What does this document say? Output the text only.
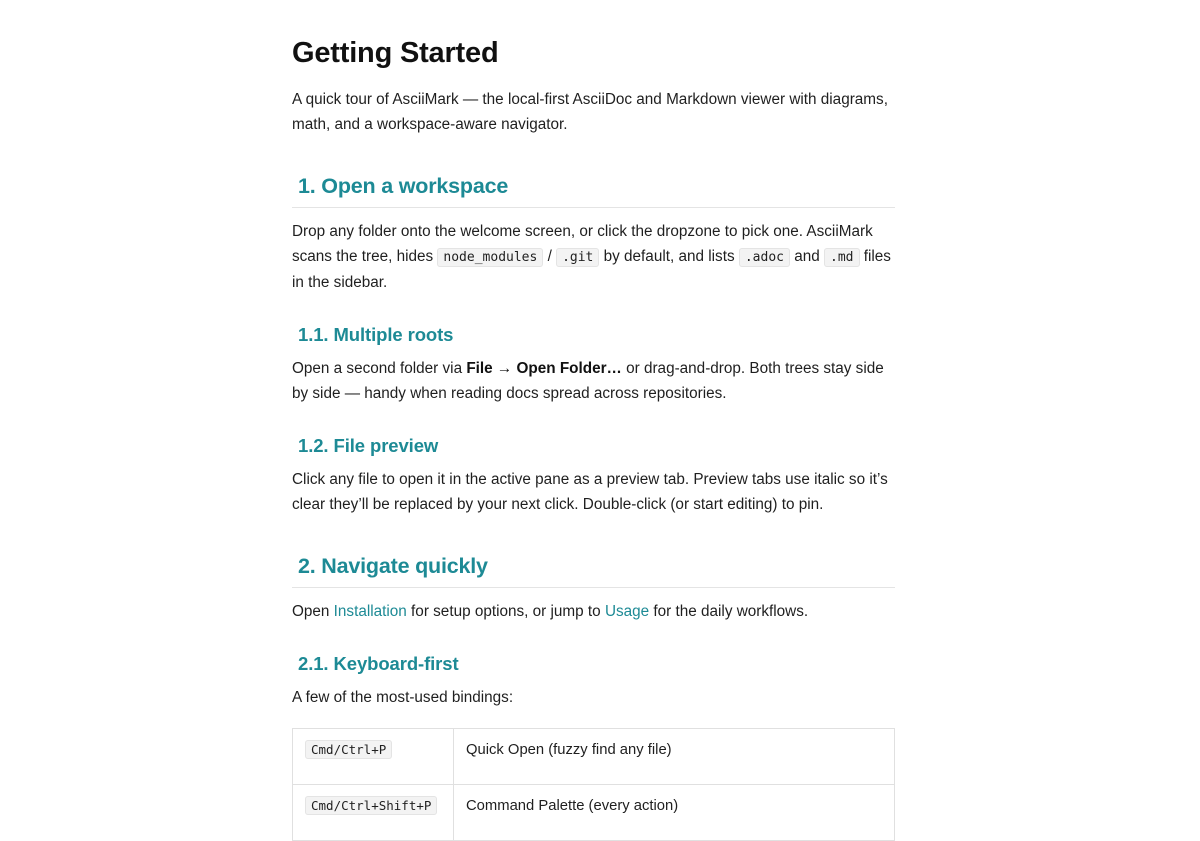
Getting Started

A quick tour of AsciiMark — the local-first AsciiDoc and Markdown viewer with diagrams, math, and a workspace-aware navigator.

1. Open a workspace

Drop any folder onto the welcome screen, or click the dropzone to pick one. AsciiMark scans the tree, hides node_modules / .git by default, and lists .adoc and .md files in the sidebar.

1.1. Multiple roots

Open a second folder via File → Open Folder… or drag-and-drop. Both trees stay side by side — handy when reading docs spread across repositories.

1.2. File preview

Click any file to open it in the active pane as a preview tab. Preview tabs use italic so it’s clear they’ll be replaced by your next click. Double-click (or start editing) to pin.

2. Navigate quickly

Open Installation for setup options, or jump to Usage for the daily workflows.

2.1. Keyboard-first

A few of the most-used bindings:

Cmd/Ctrl+P	Quick Open (fuzzy find any file)
Cmd/Ctrl+Shift+P	Command Palette (every action)
